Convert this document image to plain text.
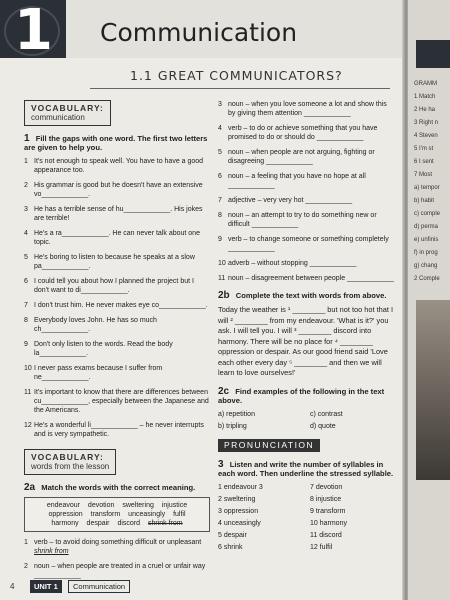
1 Communication
1.1 GREAT COMMUNICATORS?
VOCABULARY:
communication
1 Fill the gaps with one word. The first two letters are given to help you.
1 It's not enough to speak well. You have to have a good appearance too.
2 His grammar is good but he doesn't have an extensive vo____________.
3 He has a terrible sense of hu____________. His jokes are terrible!
4 He's a ra____________. He can never talk about one topic.
5 He's boring to listen to because he speaks at a slow pa____________.
6 I could tell you about how I planned the project but I don't want to di____________.
7 I don't trust him. He never makes eye co____________.
8 Everybody loves John. He has so much ch____________.
9 Don't only listen to the words. Read the body la____________.
10 I never pass exams because I suffer from ne____________.
11 It's important to know that there are differences between cu____________, especially between the Japanese and the Americans.
12 He's a wonderful li____________ – he never interrupts and is very sympathetic.
VOCABULARY:
words from the lesson
2a Match the words with the correct meaning.
endeavour devotion sweltering injustice
oppression transform unceasingly fulfil
harmony despair discord shrink from
1 verb – to avoid doing something difficult or unpleasant shrink from
2 noun – when people are treated in a cruel or unfair way ____________
3 noun – when you love someone a lot and show this by giving them attention ____________
4 verb – to do or achieve something that you have promised to do or should do ____________
5 noun – when people are not arguing, fighting or disagreeing ____________
6 noun – a feeling that you have no hope at all ____________
7 adjective – very very hot ____________
8 noun – an attempt to try to do something new or difficult ____________
9 verb – to change someone or something completely ____________
10 adverb – without stopping ____________
11 noun – disagreement between people ____________
2b Complete the text with words from above.
Today the weather is ¹ ________ but not too hot that I will ² ________ from my endeavour. 'What is it?' you ask. I will tell you. I will ³ ________ discord into harmony. There will be no place for ⁴ ________ oppression or despair. As our good friend said 'Love each other every day ⁵ ________ and then we will learn to love ourselves!'
2c Find examples of the following in the text above.
a) repetition	c) contrast
b) tripling	d) quote
PRONUNCIATION
3 Listen and write the number of syllables in each word. Then underline the stressed syllable.
1 endeavour 3	7 devotion
2 sweltering	8 injustice
3 oppression	9 transform
4 unceasingly	10 harmony
5 despair	11 discord
6 shrink	12 fulfil
4	UNIT 1	Communication
GRAMM
1 Match
2 He ha
3 Right n
4 Steven
5 I'm st
6 I sent
7 Most
a) tempor
b) habit
c) comple
d) perma
e) unfinis
f) in prog
g) chang
2 Comple
